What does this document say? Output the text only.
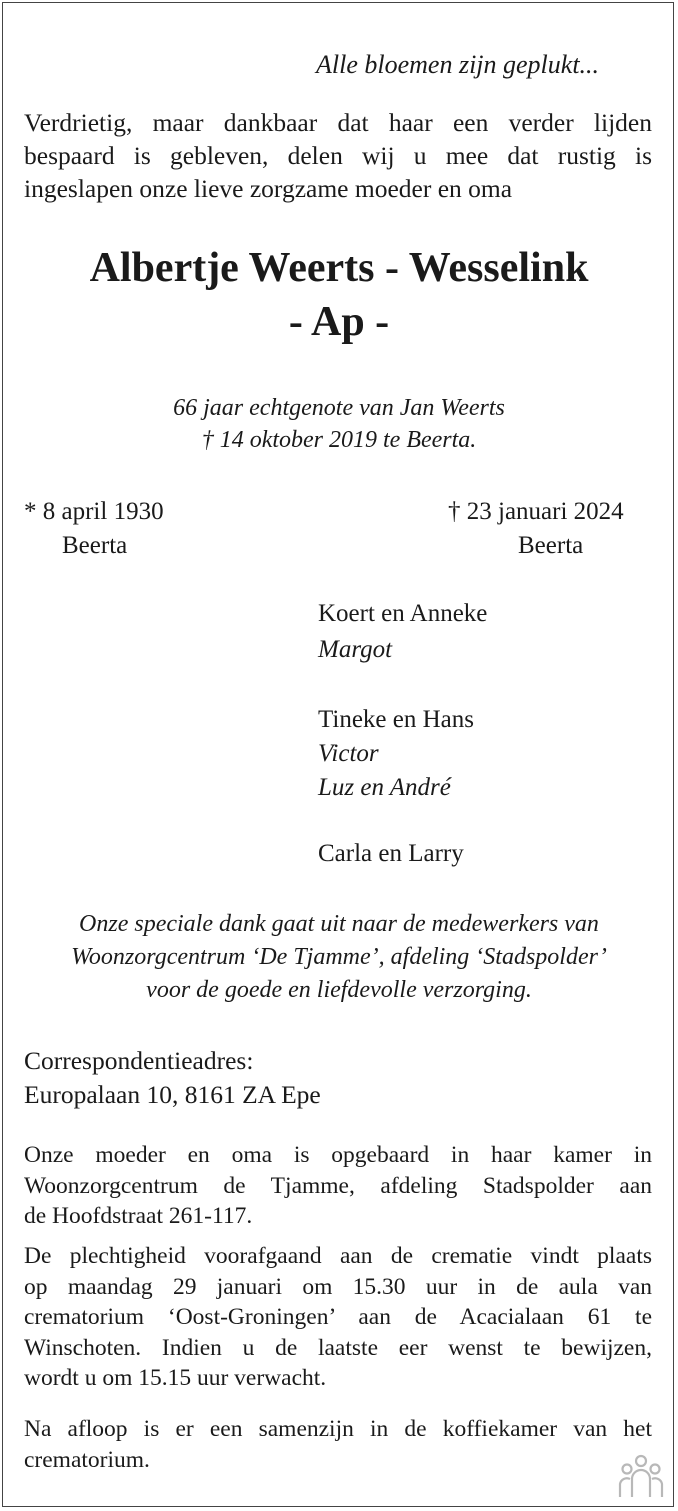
Alle bloemen zijn geplukt...
Verdrietig, maar dankbaar dat haar een verder lijden
bespaard is gebleven, delen wij u mee dat rustig is
ingeslapen onze lieve zorgzame moeder en oma
Albertje Weerts - Wesselink
- Ap -
66 jaar echtgenote van Jan Weerts
† 14 oktober 2019 te Beerta.
* 8 april 1930
Beerta
† 23 januari 2024
Beerta
Koert en Anneke
Margot
Tineke en Hans
Victor
Luz en André
Carla en Larry
Onze speciale dank gaat uit naar de medewerkers van
Woonzorgcentrum ‘De Tjamme’, afdeling ‘Stadspolder’
voor de goede en liefdevolle verzorging.
Correspondentieadres:
Europalaan 10, 8161 ZA Epe
Onze moeder en oma is opgebaard in haar kamer in
Woonzorgcentrum de Tjamme, afdeling Stadspolder aan
de Hoofdstraat 261-117.
De plechtigheid voorafgaand aan de crematie vindt plaats
op maandag 29 januari om 15.30 uur in de aula van
crematorium ‘Oost-Groningen’ aan de Acacialaan 61 te
Winschoten. Indien u de laatste eer wenst te bewijzen,
wordt u om 15.15 uur verwacht.
Na afloop is er een samenzijn in de koffiekamer van het
crematorium.
